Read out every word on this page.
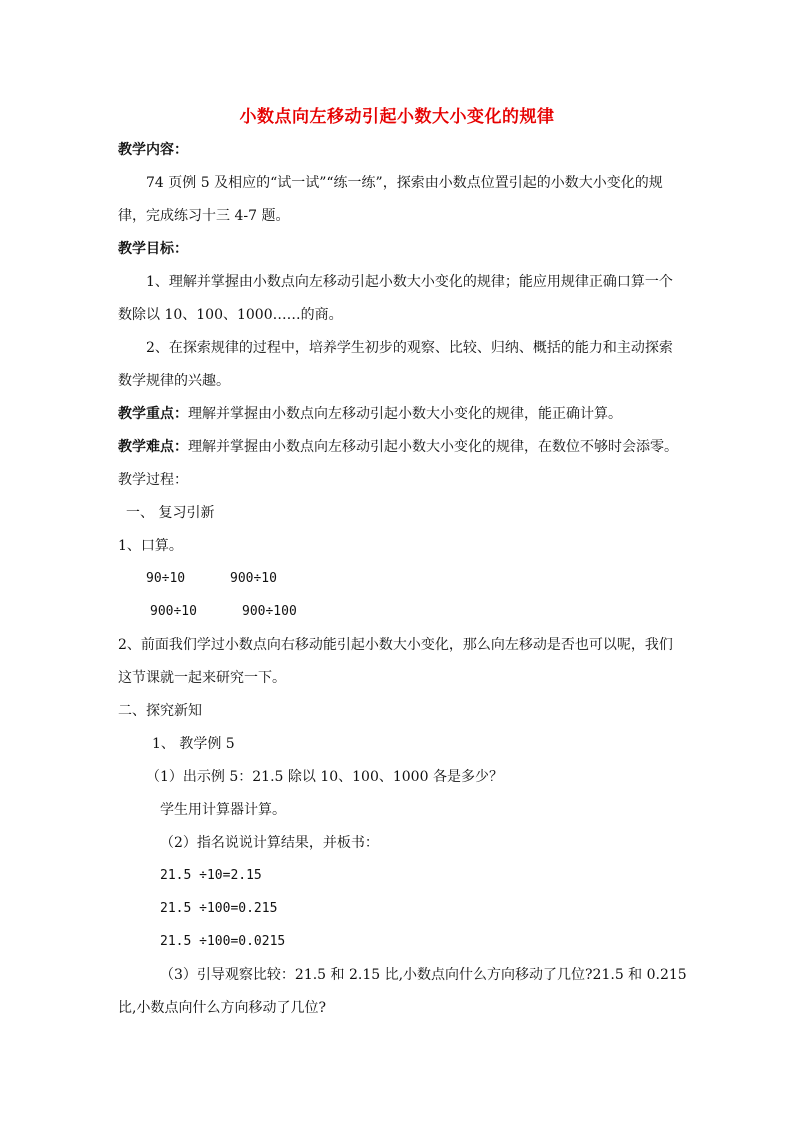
小数点向左移动引起小数大小变化的规律
教学内容：
74 页例 5 及相应的“试一试”“练一练”，探索由小数点位置引起的小数大小变化的规
律，完成练习十三 4-7 题。
教学目标：
1、理解并掌握由小数点向左移动引起小数大小变化的规律；能应用规律正确口算一个
数除以 10、100、1000……的商。
2、在探索规律的过程中，培养学生初步的观察、比较、归纳、概括的能力和主动探索
数学规律的兴趣。
教学重点：理解并掌握由小数点向左移动引起小数大小变化的规律，能正确计算。
教学难点：理解并掌握由小数点向左移动引起小数大小变化的规律，在数位不够时会添零。
教学过程：
一、 复习引新
1、口算。
90÷10	900÷10
900÷10	900÷100
2、前面我们学过小数点向右移动能引起小数大小变化，那么向左移动是否也可以呢，我们
这节课就一起来研究一下。
二、探究新知
1、 教学例 5
（1）出示例 5：21.5 除以 10、100、1000 各是多少？
学生用计算器计算。
（2）指名说说计算结果，并板书：
21.5 ÷10=2.15
21.5 ÷100=0.215
21.5 ÷100=0.0215
（3）引导观察比较：21.5 和 2.15 比,小数点向什么方向移动了几位?21.5 和 0.215
比,小数点向什么方向移动了几位?
